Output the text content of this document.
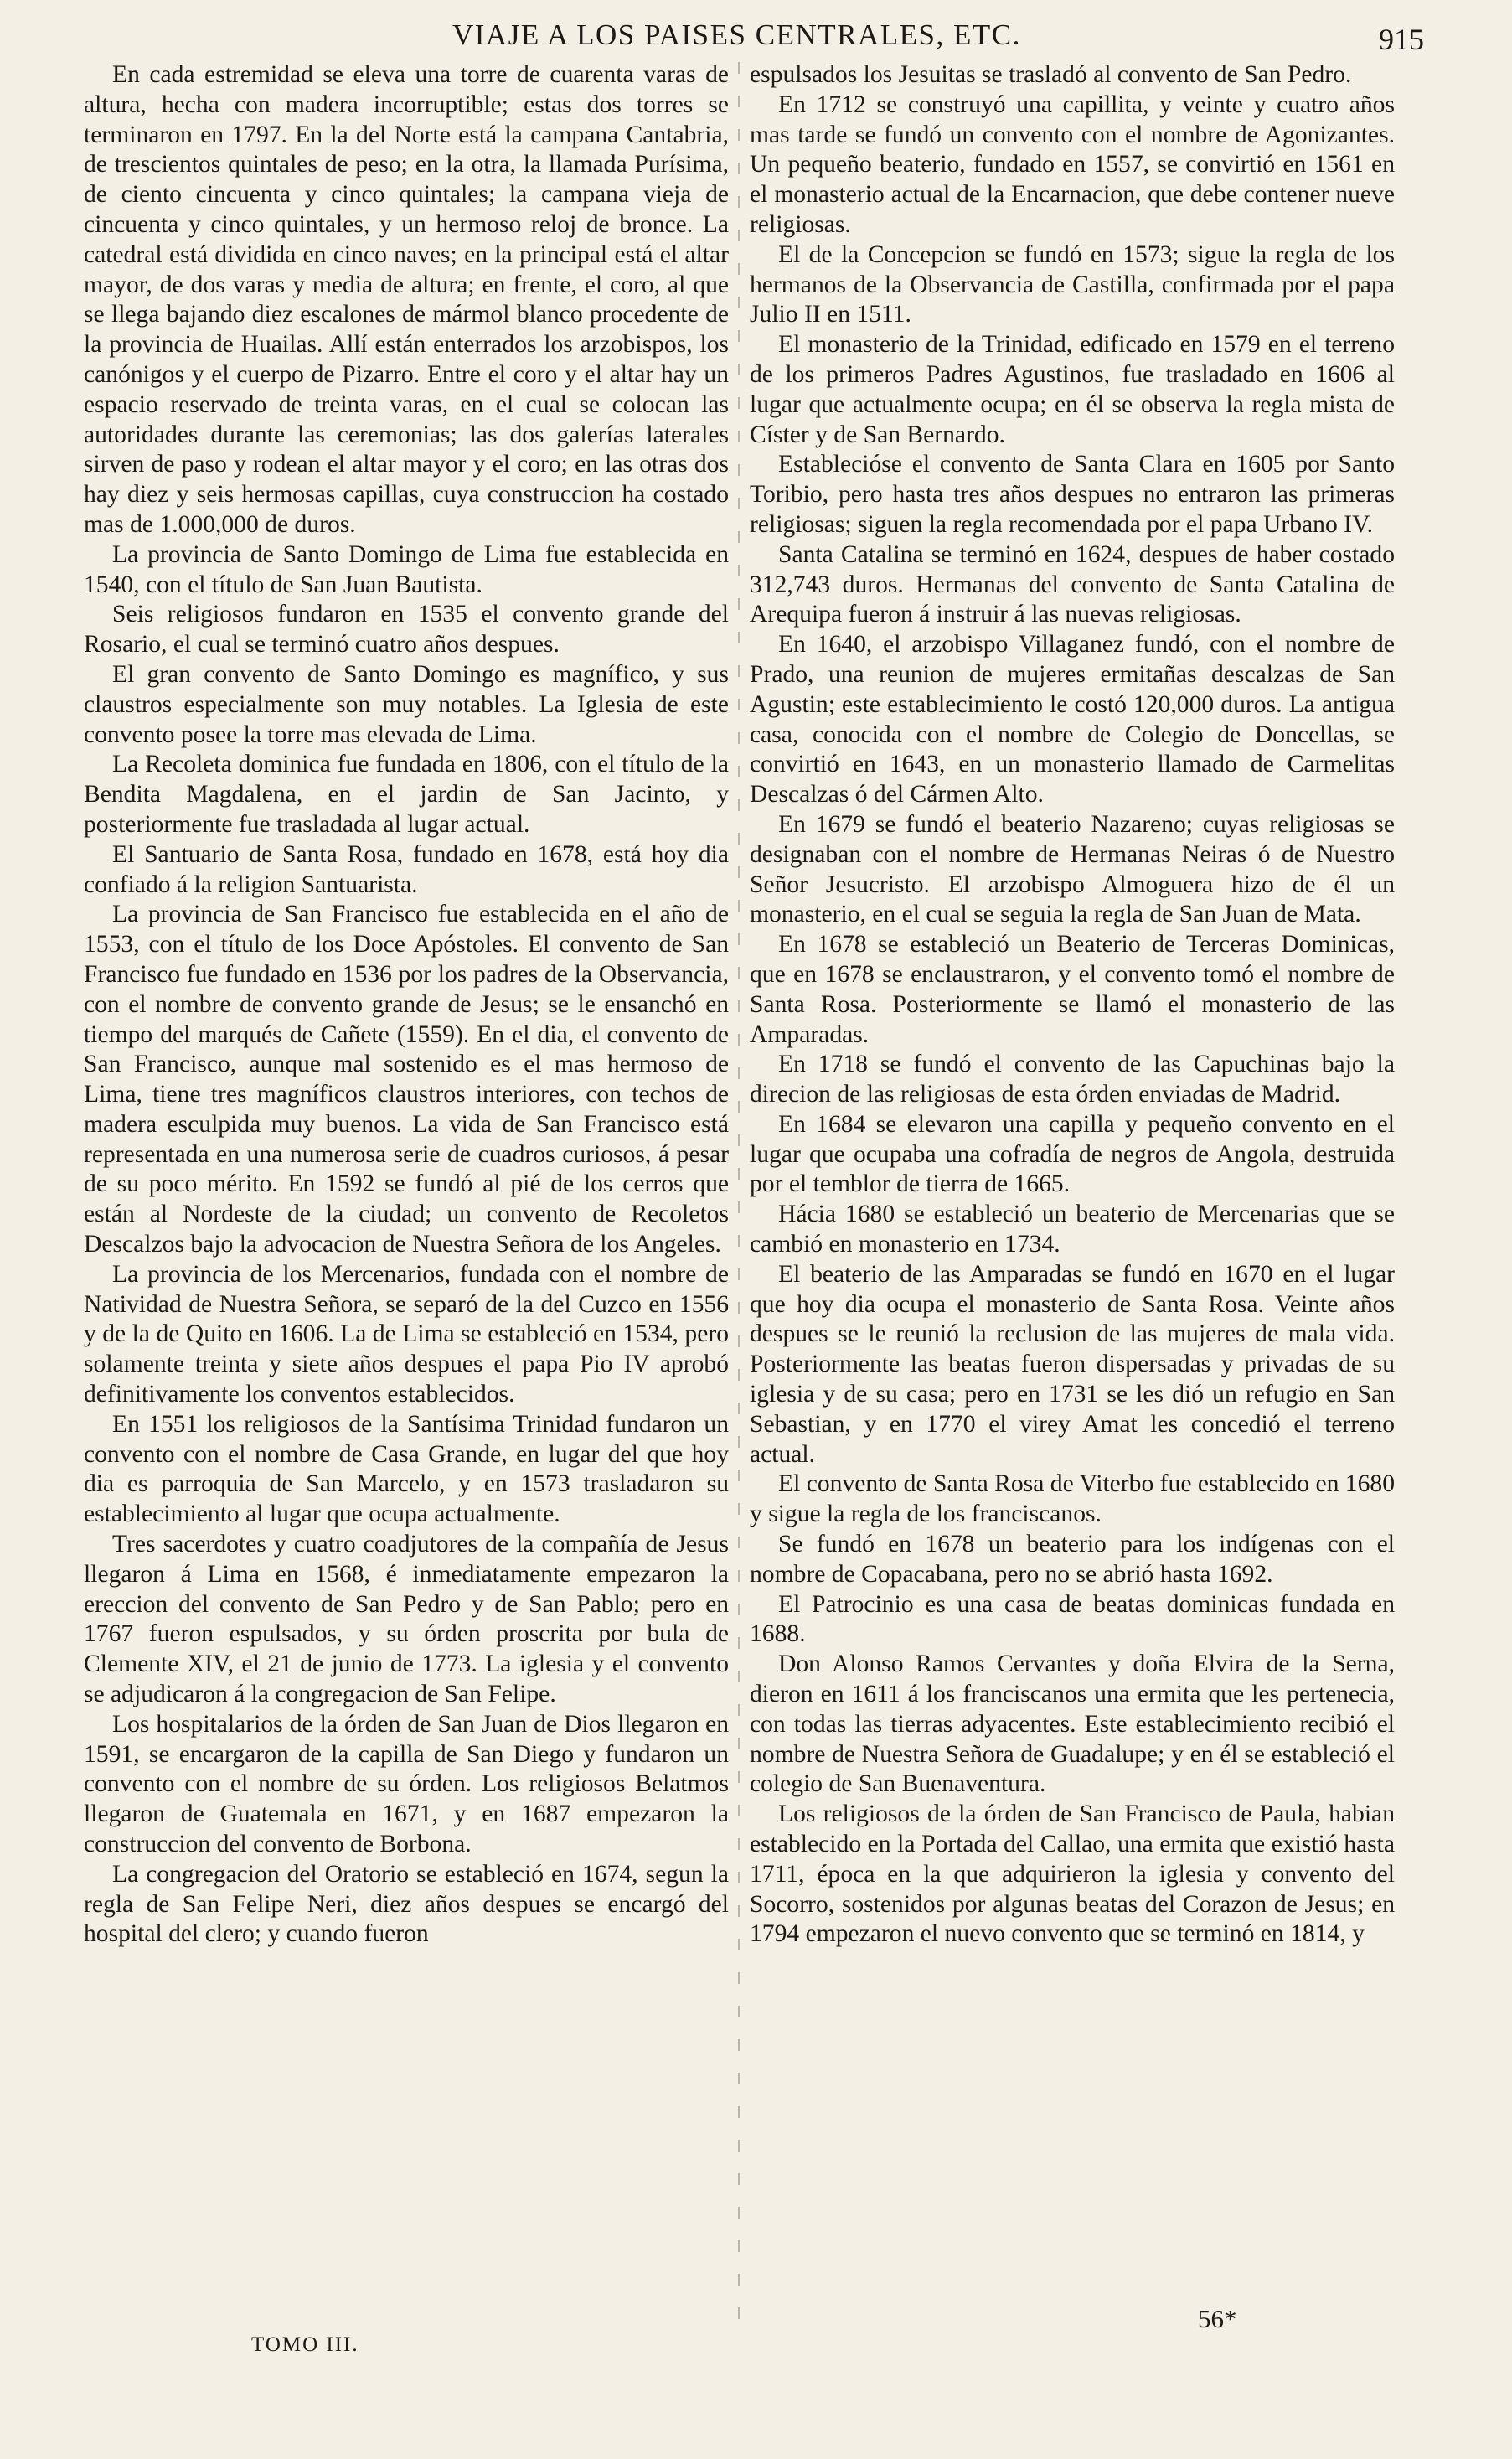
VIAJE A LOS PAISES CENTRALES, ETC.	915

En cada estremidad se eleva una torre de cuarenta varas de altura, hecha con madera incorruptible; estas dos torres se terminaron en 1797. En la del Norte está la campana Cantabria, de trescientos quintales de peso; en la otra, la llamada Purísima, de ciento cincuenta y cinco quintales; la campana vieja de cincuenta y cinco quintales, y un hermoso reloj de bronce. La catedral está dividida en cinco naves; en la principal está el altar mayor, de dos varas y media de altura; en frente, el coro, al que se llega bajando diez escalones de mármol blanco procedente de la provincia de Huailas. Allí están enterrados los arzobispos, los canónigos y el cuerpo de Pizarro. Entre el coro y el altar hay un espacio reservado de treinta varas, en el cual se colocan las autoridades durante las ceremonias; las dos galerías laterales sirven de paso y rodean el altar mayor y el coro; en las otras dos hay diez y seis hermosas capillas, cuya construccion ha costado mas de 1.000,000 de duros.

La provincia de Santo Domingo de Lima fue establecida en 1540, con el título de San Juan Bautista.

Seis religiosos fundaron en 1535 el convento grande del Rosario, el cual se terminó cuatro años despues.

El gran convento de Santo Domingo es magnífico, y sus claustros especialmente son muy notables. La Iglesia de este convento posee la torre mas elevada de Lima.

La Recoleta dominica fue fundada en 1806, con el título de la Bendita Magdalena, en el jardin de San Jacinto, y posteriormente fue trasladada al lugar actual.

El Santuario de Santa Rosa, fundado en 1678, está hoy dia confiado á la religion Santuarista.

La provincia de San Francisco fue establecida en el año de 1553, con el título de los Doce Apóstoles. El convento de San Francisco fue fundado en 1536 por los padres de la Observancia, con el nombre de convento grande de Jesus; se le ensanchó en tiempo del marqués de Cañete (1559). En el dia, el convento de San Francisco, aunque mal sostenido es el mas hermoso de Lima, tiene tres magníficos claustros interiores, con techos de madera esculpida muy buenos. La vida de San Francisco está representada en una numerosa serie de cuadros curiosos, á pesar de su poco mérito. En 1592 se fundó al pié de los cerros que están al Nordeste de la ciudad; un convento de Recoletos Descalzos bajo la advocacion de Nuestra Señora de los Angeles.

La provincia de los Mercenarios, fundada con el nombre de Natividad de Nuestra Señora, se separó de la del Cuzco en 1556 y de la de Quito en 1606. La de Lima se estableció en 1534, pero solamente treinta y siete años despues el papa Pio IV aprobó definitivamente los conventos establecidos.

En 1551 los religiosos de la Santísima Trinidad fundaron un convento con el nombre de Casa Grande, en lugar del que hoy dia es parroquia de San Marcelo, y en 1573 trasladaron su establecimiento al lugar que ocupa actualmente.

Tres sacerdotes y cuatro coadjutores de la compañía de Jesus llegaron á Lima en 1568, é inmediatamente empezaron la ereccion del convento de San Pedro y de San Pablo; pero en 1767 fueron espulsados, y su órden proscrita por bula de Clemente XIV, el 21 de junio de 1773. La iglesia y el convento se adjudicaron á la congregacion de San Felipe.

Los hospitalarios de la órden de San Juan de Dios llegaron en 1591, se encargaron de la capilla de San Diego y fundaron un convento con el nombre de su órden. Los religiosos Belatmos llegaron de Guatemala en 1671, y en 1687 empezaron la construccion del convento de Borbona.

La congregacion del Oratorio se estableció en 1674, segun la regla de San Felipe Neri, diez años despues se encargó del hospital del clero; y cuando fueron

espulsados los Jesuitas se trasladó al convento de San Pedro.

En 1712 se construyó una capillita, y veinte y cuatro años mas tarde se fundó un convento con el nombre de Agonizantes. Un pequeño beaterio, fundado en 1557, se convirtió en 1561 en el monasterio actual de la Encarnacion, que debe contener nueve religiosas.

El de la Concepcion se fundó en 1573; sigue la regla de los hermanos de la Observancia de Castilla, confirmada por el papa Julio II en 1511.

El monasterio de la Trinidad, edificado en 1579 en el terreno de los primeros Padres Agustinos, fue trasladado en 1606 al lugar que actualmente ocupa; en él se observa la regla mista de Císter y de San Bernardo.

Establecióse el convento de Santa Clara en 1605 por Santo Toribio, pero hasta tres años despues no entraron las primeras religiosas; siguen la regla recomendada por el papa Urbano IV.

Santa Catalina se terminó en 1624, despues de haber costado 312,743 duros. Hermanas del convento de Santa Catalina de Arequipa fueron á instruir á las nuevas religiosas.

En 1640, el arzobispo Villaganez fundó, con el nombre de Prado, una reunion de mujeres ermitañas descalzas de San Agustin; este establecimiento le costó 120,000 duros. La antigua casa, conocida con el nombre de Colegio de Doncellas, se convirtió en 1643, en un monasterio llamado de Carmelitas Descalzas ó del Cármen Alto.

En 1679 se fundó el beaterio Nazareno; cuyas religiosas se designaban con el nombre de Hermanas Neiras ó de Nuestro Señor Jesucristo. El arzobispo Almoguera hizo de él un monasterio, en el cual se seguia la regla de San Juan de Mata.

En 1678 se estableció un Beaterio de Terceras Dominicas, que en 1678 se enclaustraron, y el convento tomó el nombre de Santa Rosa. Posteriormente se llamó el monasterio de las Amparadas.

En 1718 se fundó el convento de las Capuchinas bajo la direcion de las religiosas de esta órden enviadas de Madrid.

En 1684 se elevaron una capilla y pequeño convento en el lugar que ocupaba una cofradía de negros de Angola, destruida por el temblor de tierra de 1665.

Hácia 1680 se estableció un beaterio de Mercenarias que se cambió en monasterio en 1734.

El beaterio de las Amparadas se fundó en 1670 en el lugar que hoy dia ocupa el monasterio de Santa Rosa. Veinte años despues se le reunió la reclusion de las mujeres de mala vida. Posteriormente las beatas fueron dispersadas y privadas de su iglesia y de su casa; pero en 1731 se les dió un refugio en San Sebastian, y en 1770 el virey Amat les concedió el terreno actual.

El convento de Santa Rosa de Viterbo fue establecido en 1680 y sigue la regla de los franciscanos.

Se fundó en 1678 un beaterio para los indígenas con el nombre de Copacabana, pero no se abrió hasta 1692.

El Patrocinio es una casa de beatas dominicas fundada en 1688.

Don Alonso Ramos Cervantes y doña Elvira de la Serna, dieron en 1611 á los franciscanos una ermita que les pertenecia, con todas las tierras adyacentes. Este establecimiento recibió el nombre de Nuestra Señora de Guadalupe; y en él se estableció el colegio de San Buenaventura.

Los religiosos de la órden de San Francisco de Paula, habian establecido en la Portada del Callao, una ermita que existió hasta 1711, época en la que adquirieron la iglesia y convento del Socorro, sostenidos por algunas beatas del Corazon de Jesus; en 1794 empezaron el nuevo convento que se terminó en 1814, y

TOMO III.
56*
